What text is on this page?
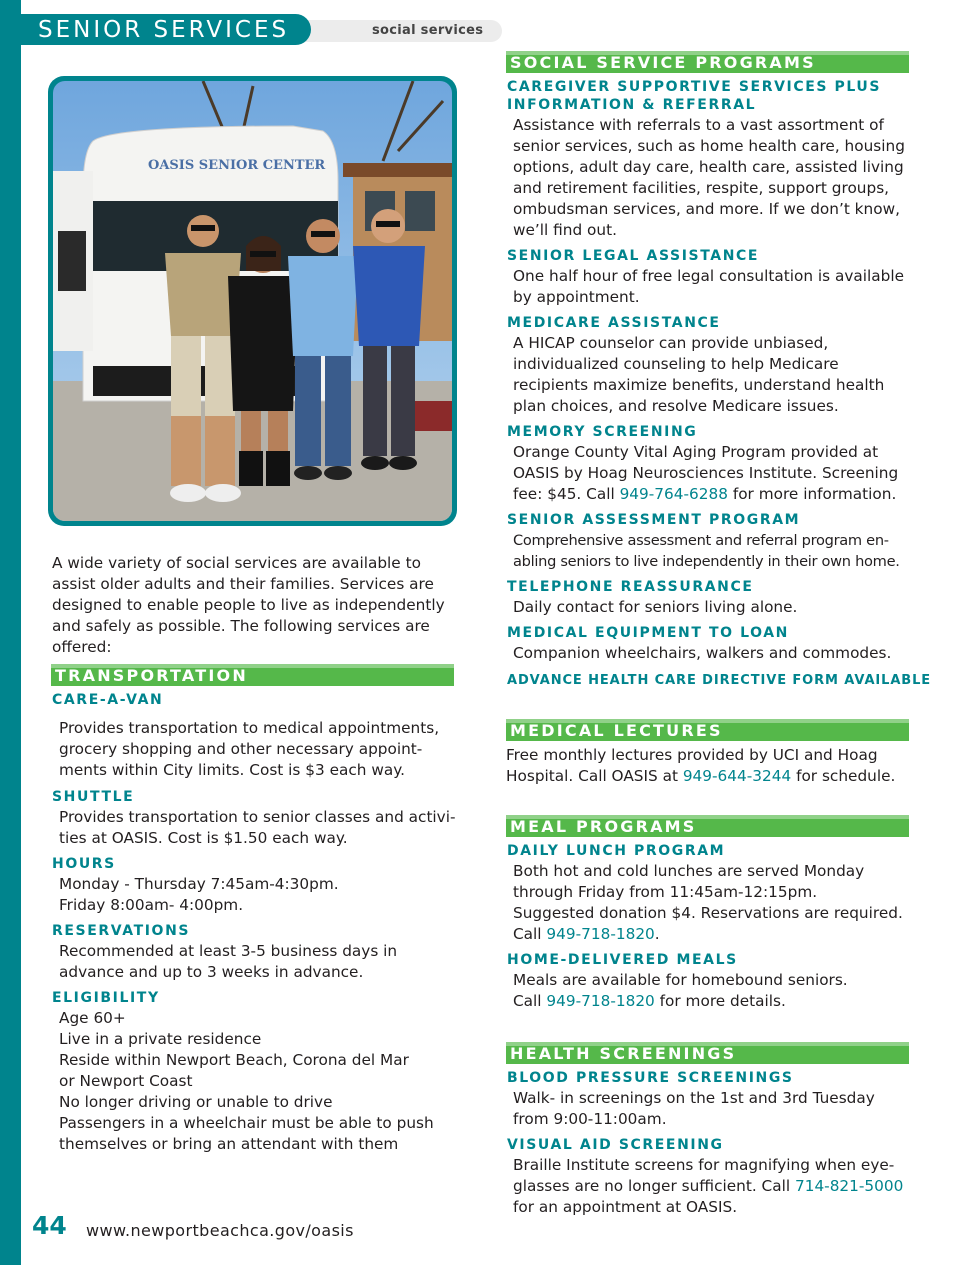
SENIOR SERVICES	social services
OASIS SENIOR CENTER
A wide variety of social services are available to assist older adults and their families. Services are designed to enable people to live as independently and safely as possible. The following services are offered:
TRANSPORTATION
CARE-A-VAN
Provides transportation to medical appointments,
grocery shopping and other necessary appoint-
ments within City limits. Cost is $3 each way.
SHUTTLE
Provides transportation to senior classes and activi-
ties at OASIS. Cost is $1.50 each way.
HOURS
Monday - Thursday 7:45am-4:30pm.
Friday 8:00am- 4:00pm.
RESERVATIONS
Recommended at least 3-5 business days in
advance and up to 3 weeks in advance.
ELIGIBILITY
Age 60+
Live in a private residence
Reside within Newport Beach, Corona del Mar
or Newport Coast
No longer driving or unable to drive
Passengers in a wheelchair must be able to push
themselves or bring an attendant with them
SOCIAL SERVICE PROGRAMS
CAREGIVER SUPPORTIVE SERVICES PLUS
INFORMATION & REFERRAL
Assistance with referrals to a vast assortment of
senior services, such as home health care, housing
options, adult day care, health care, assisted living
and retirement facilities, respite, support groups,
ombudsman services, and more. If we don’t know,
we’ll find out.
SENIOR LEGAL ASSISTANCE
One half hour of free legal consultation is available
by appointment.
MEDICARE ASSISTANCE
A HICAP counselor can provide unbiased,
individualized counseling to help Medicare
recipients maximize benefits, understand health
plan choices, and resolve Medicare issues.
MEMORY SCREENING
Orange County Vital Aging Program provided at
OASIS by Hoag Neurosciences Institute. Screening
fee: $45. Call 949-764-6288 for more information.
SENIOR ASSESSMENT PROGRAM
Comprehensive assessment and referral program en-
abling seniors to live independently in their own home.
TELEPHONE REASSURANCE
Daily contact for seniors living alone.
MEDICAL EQUIPMENT TO LOAN
Companion wheelchairs, walkers and commodes.
ADVANCE HEALTH CARE DIRECTIVE FORM AVAILABLE
MEDICAL LECTURES
Free monthly lectures provided by UCI and Hoag
Hospital. Call OASIS at 949-644-3244 for schedule.
MEAL PROGRAMS
DAILY LUNCH PROGRAM
Both hot and cold lunches are served Monday
through Friday from 11:45am-12:15pm.
Suggested donation $4. Reservations are required.
Call 949-718-1820.
HOME-DELIVERED MEALS
Meals are available for homebound seniors.
Call 949-718-1820 for more details.
HEALTH SCREENINGS
BLOOD PRESSURE SCREENINGS
Walk- in screenings on the 1st and 3rd Tuesday
from 9:00-11:00am.
VISUAL AID SCREENING
Braille Institute screens for magnifying when eye-
glasses are no longer sufficient. Call 714-821-5000
for an appointment at OASIS.
44 www.newportbeachca.gov/oasis
